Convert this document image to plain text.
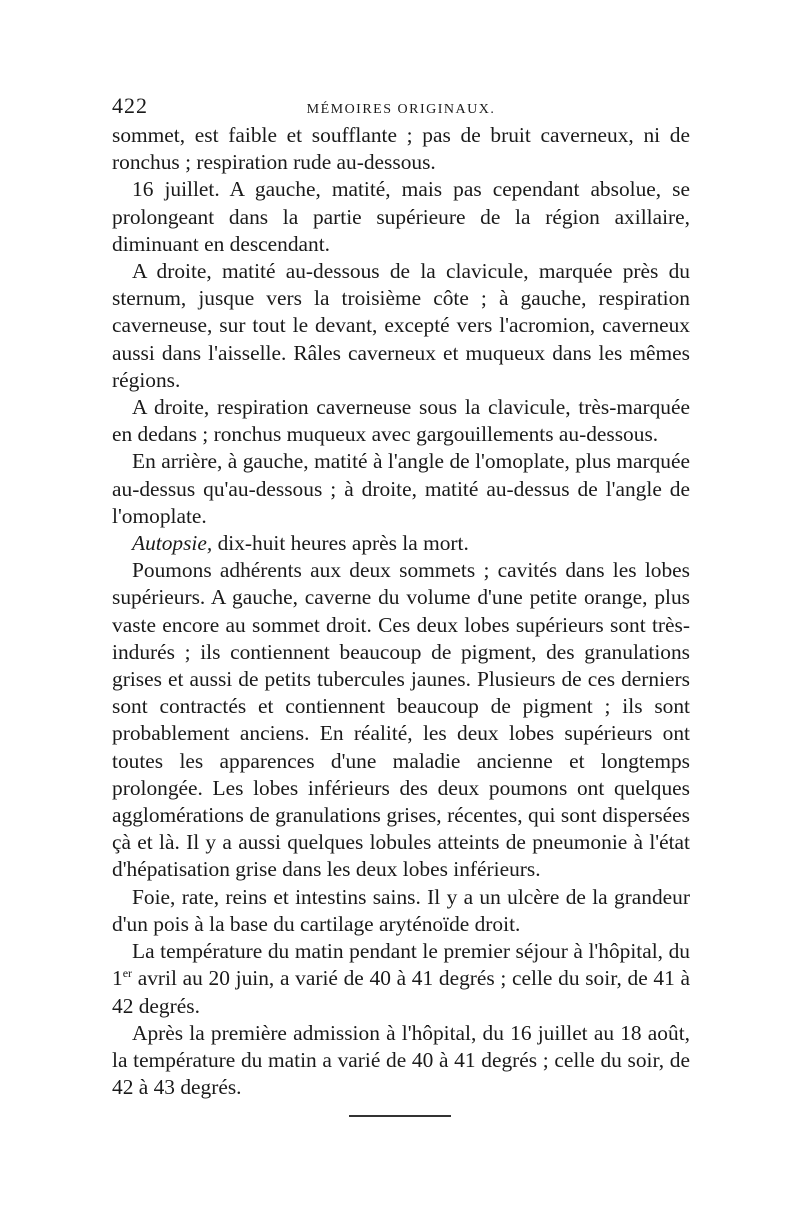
422	MÉMOIRES ORIGINAUX.

sommet, est faible et soufflante ; pas de bruit caverneux, ni de ronchus ; respiration rude au-dessous.

16 juillet. A gauche, matité, mais pas cependant absolue, se prolongeant dans la partie supérieure de la région axillaire, diminuant en descendant.

A droite, matité au-dessous de la clavicule, marquée près du sternum, jusque vers la troisième côte ; à gauche, respiration caverneuse, sur tout le devant, excepté vers l'acromion, caverneux aussi dans l'aisselle. Râles caverneux et muqueux dans les mêmes régions.

A droite, respiration caverneuse sous la clavicule, très-marquée en dedans ; ronchus muqueux avec gargouillements au-dessous.

En arrière, à gauche, matité à l'angle de l'omoplate, plus marquée au-dessus qu'au-dessous ; à droite, matité au-dessus de l'angle de l'omoplate.

Autopsie, dix-huit heures après la mort.

Poumons adhérents aux deux sommets ; cavités dans les lobes supérieurs. A gauche, caverne du volume d'une petite orange, plus vaste encore au sommet droit. Ces deux lobes supérieurs sont très-indurés ; ils contiennent beaucoup de pigment, des granulations grises et aussi de petits tubercules jaunes. Plusieurs de ces derniers sont contractés et contiennent beaucoup de pigment ; ils sont probablement anciens. En réalité, les deux lobes supérieurs ont toutes les apparences d'une maladie ancienne et longtemps prolongée. Les lobes inférieurs des deux poumons ont quelques agglomérations de granulations grises, récentes, qui sont dispersées çà et là. Il y a aussi quelques lobules atteints de pneumonie à l'état d'hépatisation grise dans les deux lobes inférieurs.

Foie, rate, reins et intestins sains. Il y a un ulcère de la grandeur d'un pois à la base du cartilage aryténoïde droit.

La température du matin pendant le premier séjour à l'hôpital, du 1er avril au 20 juin, a varié de 40 à 41 degrés ; celle du soir, de 41 à 42 degrés.

Après la première admission à l'hôpital, du 16 juillet au 18 août, la température du matin a varié de 40 à 41 degrés ; celle du soir, de 42 à 43 degrés.
